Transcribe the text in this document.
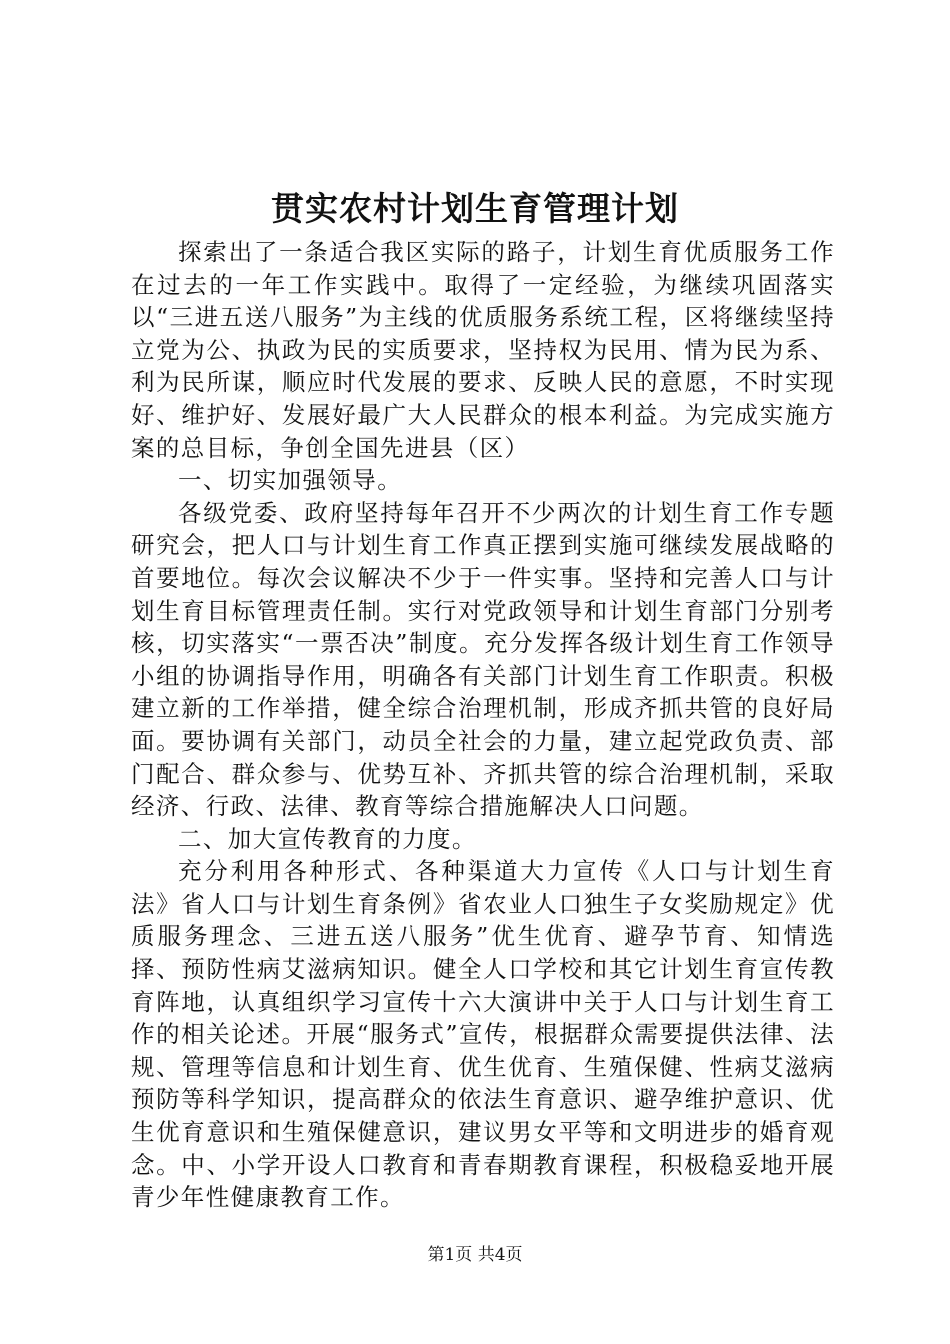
贯实农村计划生育管理计划

探索出了一条适合我区实际的路子，计划生育优质服务工作在过去的一年工作实践中。取得了一定经验，为继续巩固落实以“三进五送八服务”为主线的优质服务系统工程，区将继续坚持立党为公、执政为民的实质要求，坚持权为民用、情为民为系、利为民所谋，顺应时代发展的要求、反映人民的意愿，不时实现好、维护好、发展好最广大人民群众的根本利益。为完成实施方案的总目标，争创全国先进县（区）

一、切实加强领导。

各级党委、政府坚持每年召开不少两次的计划生育工作专题研究会，把人口与计划生育工作真正摆到实施可继续发展战略的首要地位。每次会议解决不少于一件实事。坚持和完善人口与计划生育目标管理责任制。实行对党政领导和计划生育部门分别考核，切实落实“一票否决”制度。充分发挥各级计划生育工作领导小组的协调指导作用，明确各有关部门计划生育工作职责。积极建立新的工作举措，健全综合治理机制，形成齐抓共管的良好局面。要协调有关部门，动员全社会的力量，建立起党政负责、部门配合、群众参与、优势互补、齐抓共管的综合治理机制，采取经济、行政、法律、教育等综合措施解决人口问题。

二、加大宣传教育的力度。

充分利用各种形式、各种渠道大力宣传《人口与计划生育法》省人口与计划生育条例》省农业人口独生子女奖励规定》优质服务理念、三进五送八服务”优生优育、避孕节育、知情选择、预防性病艾滋病知识。健全人口学校和其它计划生育宣传教育阵地，认真组织学习宣传十六大演讲中关于人口与计划生育工作的相关论述。开展“服务式”宣传，根据群众需要提供法律、法规、管理等信息和计划生育、优生优育、生殖保健、性病艾滋病预防等科学知识，提高群众的依法生育意识、避孕维护意识、优生优育意识和生殖保健意识，建议男女平等和文明进步的婚育观念。中、小学开设人口教育和青春期教育课程，积极稳妥地开展青少年性健康教育工作。

第1页 共4页
